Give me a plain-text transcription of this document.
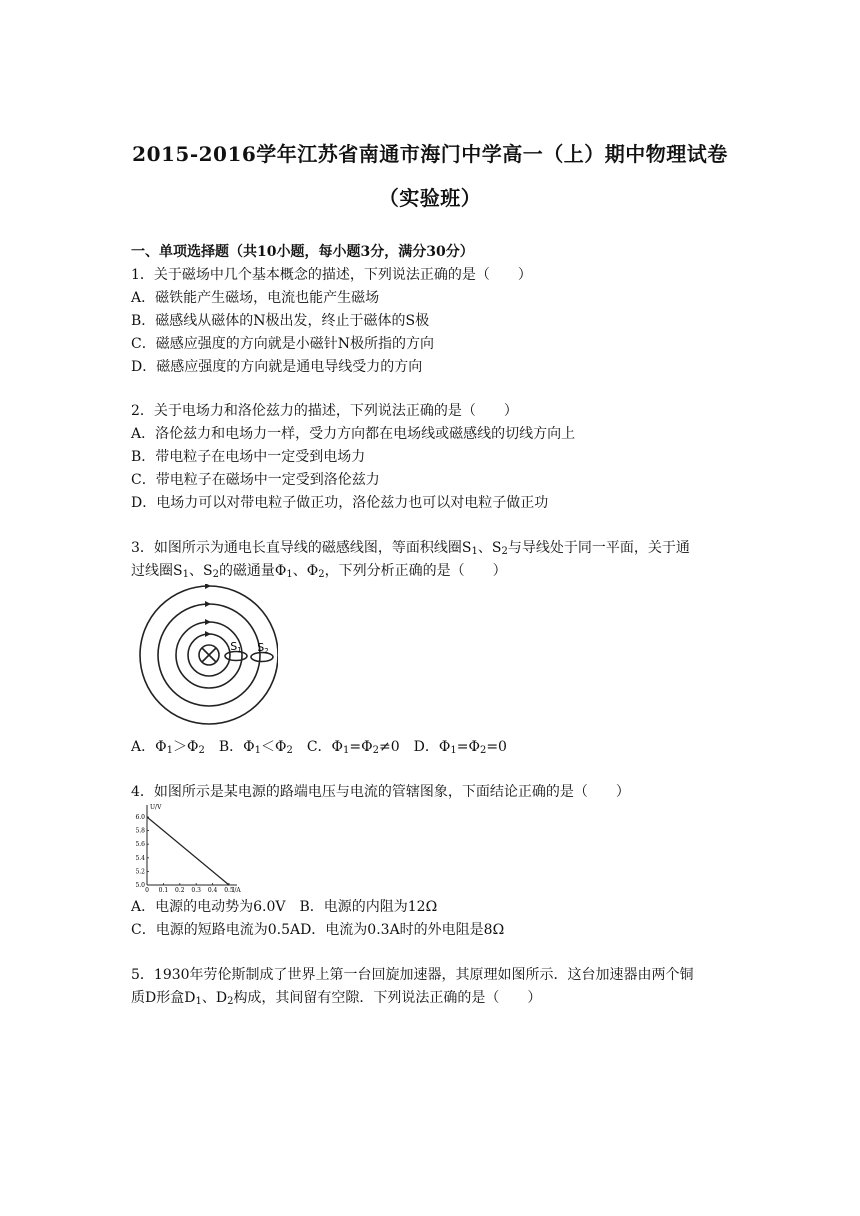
2015-2016学年江苏省南通市海门中学高一（上）期中物理试卷
（实验班）
一、单项选择题（共10小题，每小题3分，满分30分）
1．关于磁场中几个基本概念的描述，下列说法正确的是（　　）
A．磁铁能产生磁场，电流也能产生磁场
B．磁感线从磁体的N极出发，终止于磁体的S极
C．磁感应强度的方向就是小磁针N极所指的方向
D．磁感应强度的方向就是通电导线受力的方向
2．关于电场力和洛伦兹力的描述，下列说法正确的是（　　）
A．洛伦兹力和电场力一样，受力方向都在电场线或磁感线的切线方向上
B．带电粒子在电场中一定受到电场力
C．带电粒子在磁场中一定受到洛伦兹力
D．电场力可以对带电粒子做正功，洛伦兹力也可以对电粒子做正功
3．如图所示为通电长直导线的磁感线图，等面积线圈$S_1$、$S_2$与导线处于同一平面，关于通
过线圈$S_1$、$S_2$的磁通量$\Phi_1$、$\Phi_2$，下列分析正确的是（　　）
S1 S2
A．$\Phi_1>\Phi_2$　B．$\Phi_1<\Phi_2$　C．$\Phi_1=\Phi_2\ne 0$　D．$\Phi_1=\Phi_2=0$
4．如图所示是某电源的路端电压与电流的管辖图象，下面结论正确的是（　　）
U/V
I/A
6.0
5.8
5.6
5.4
5.2
5.0
0 0.1 0.2 0.3 0.4 0.5
A．电源的电动势为6.0V　B．电源的内阻为12Ω
C．电源的短路电流为0.5AD．电流为0.3A时的外电阻是8Ω
5．1930年劳伦斯制成了世界上第一台回旋加速器，其原理如图所示．这台加速器由两个铜
质D形盒$D_1$、$D_2$构成，其间留有空隙．下列说法正确的是（　　）
